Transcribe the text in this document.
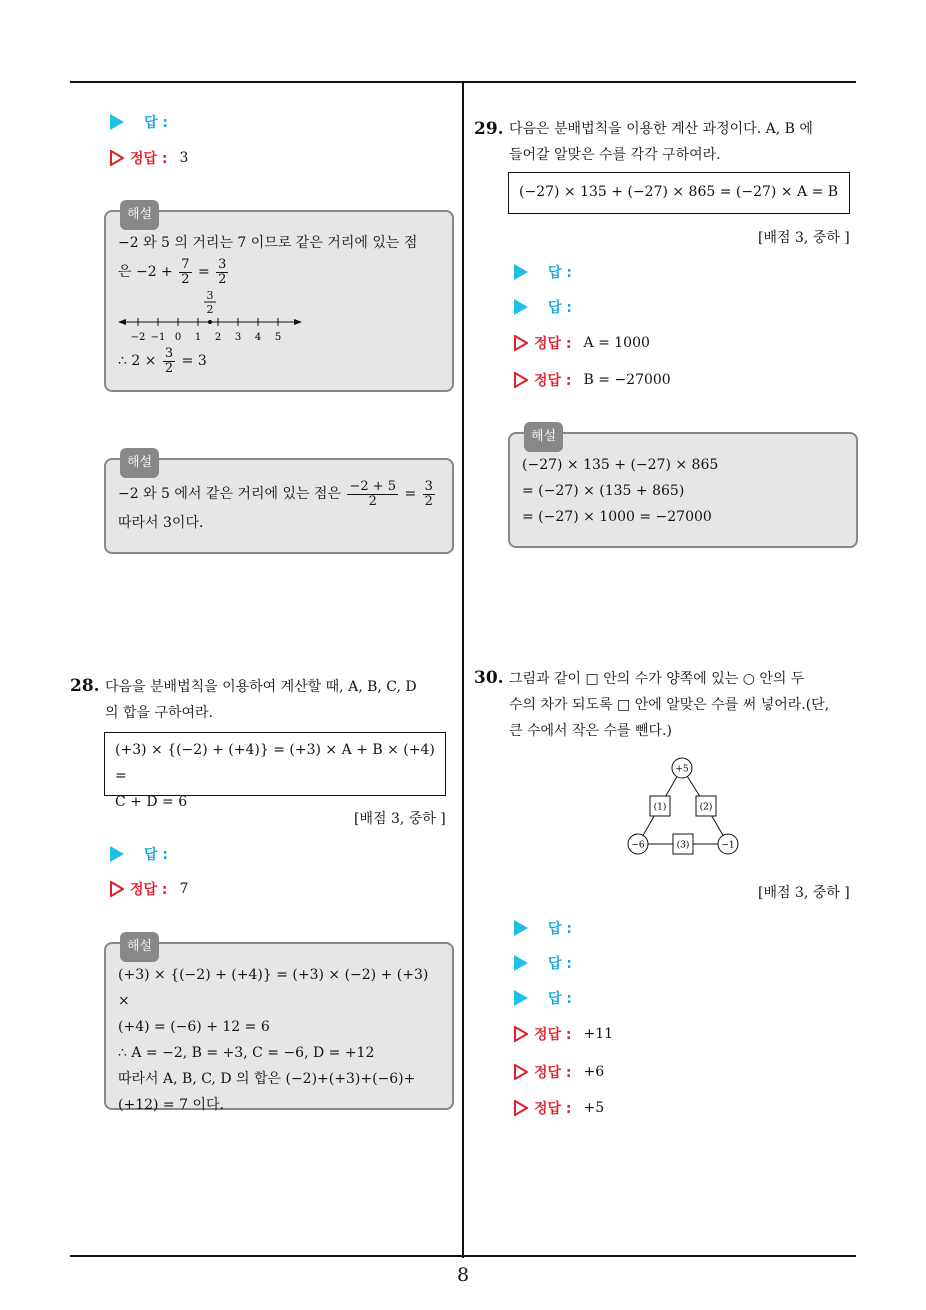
8
답 :
정답 : 3
해설
−2 와 5 의 거리는 7 이므로 같은 거리에 있는 점
은 $-2 + \frac{7}{2} = \frac{3}{2}$
3
2
−2 −1 0 1 2 3 4 5
∴ $2 \times \frac{3}{2} = 3$
해설
−2 와 5 에서 같은 거리에 있는 점은 $\frac{-2 + 5}{2} = \frac{3}{2}$
따라서 3이다.
28. 다음을 분배법칙을 이용하여 계산할 때, A, B, C, D
의 합을 구하여라.
(+3) × {(−2) + (+4)} = (+3) × A + B × (+4) =
C + D = 6
[배점 3, 중하 ]
답 :
정답 : 7
해설
(+3) × {(−2) + (+4)} = (+3) × (−2) + (+3) ×
(+4) = (−6) + 12 = 6
∴ A = −2, B = +3, C = −6, D = +12
따라서 A, B, C, D 의 합은 (−2)+(+3)+(−6)+
(+12) = 7 이다.
29. 다음은 분배법칙을 이용한 계산 과정이다. A, B 에
들어갈 알맞은 수를 각각 구하여라.
(−27) × 135 + (−27) × 865 = (−27) × A = B
[배점 3, 중하 ]
답 :
답 :
정답 : A = 1000
정답 : B = −27000
해설
(−27) × 135 + (−27) × 865
= (−27) × (135 + 865)
= (−27) × 1000 = −27000
30. 그림과 같이 □ 안의 수가 양쪽에 있는 ○ 안의 두
수의 차가 되도록 □ 안에 알맞은 수를 써 넣어라.(단,
큰 수에서 작은 수를 뺀다.)
+5
−6	−1
(1)	(2)
(3)
[배점 3, 중하 ]
답 :
답 :
답 :
정답 : +11
정답 : +6
정답 : +5
